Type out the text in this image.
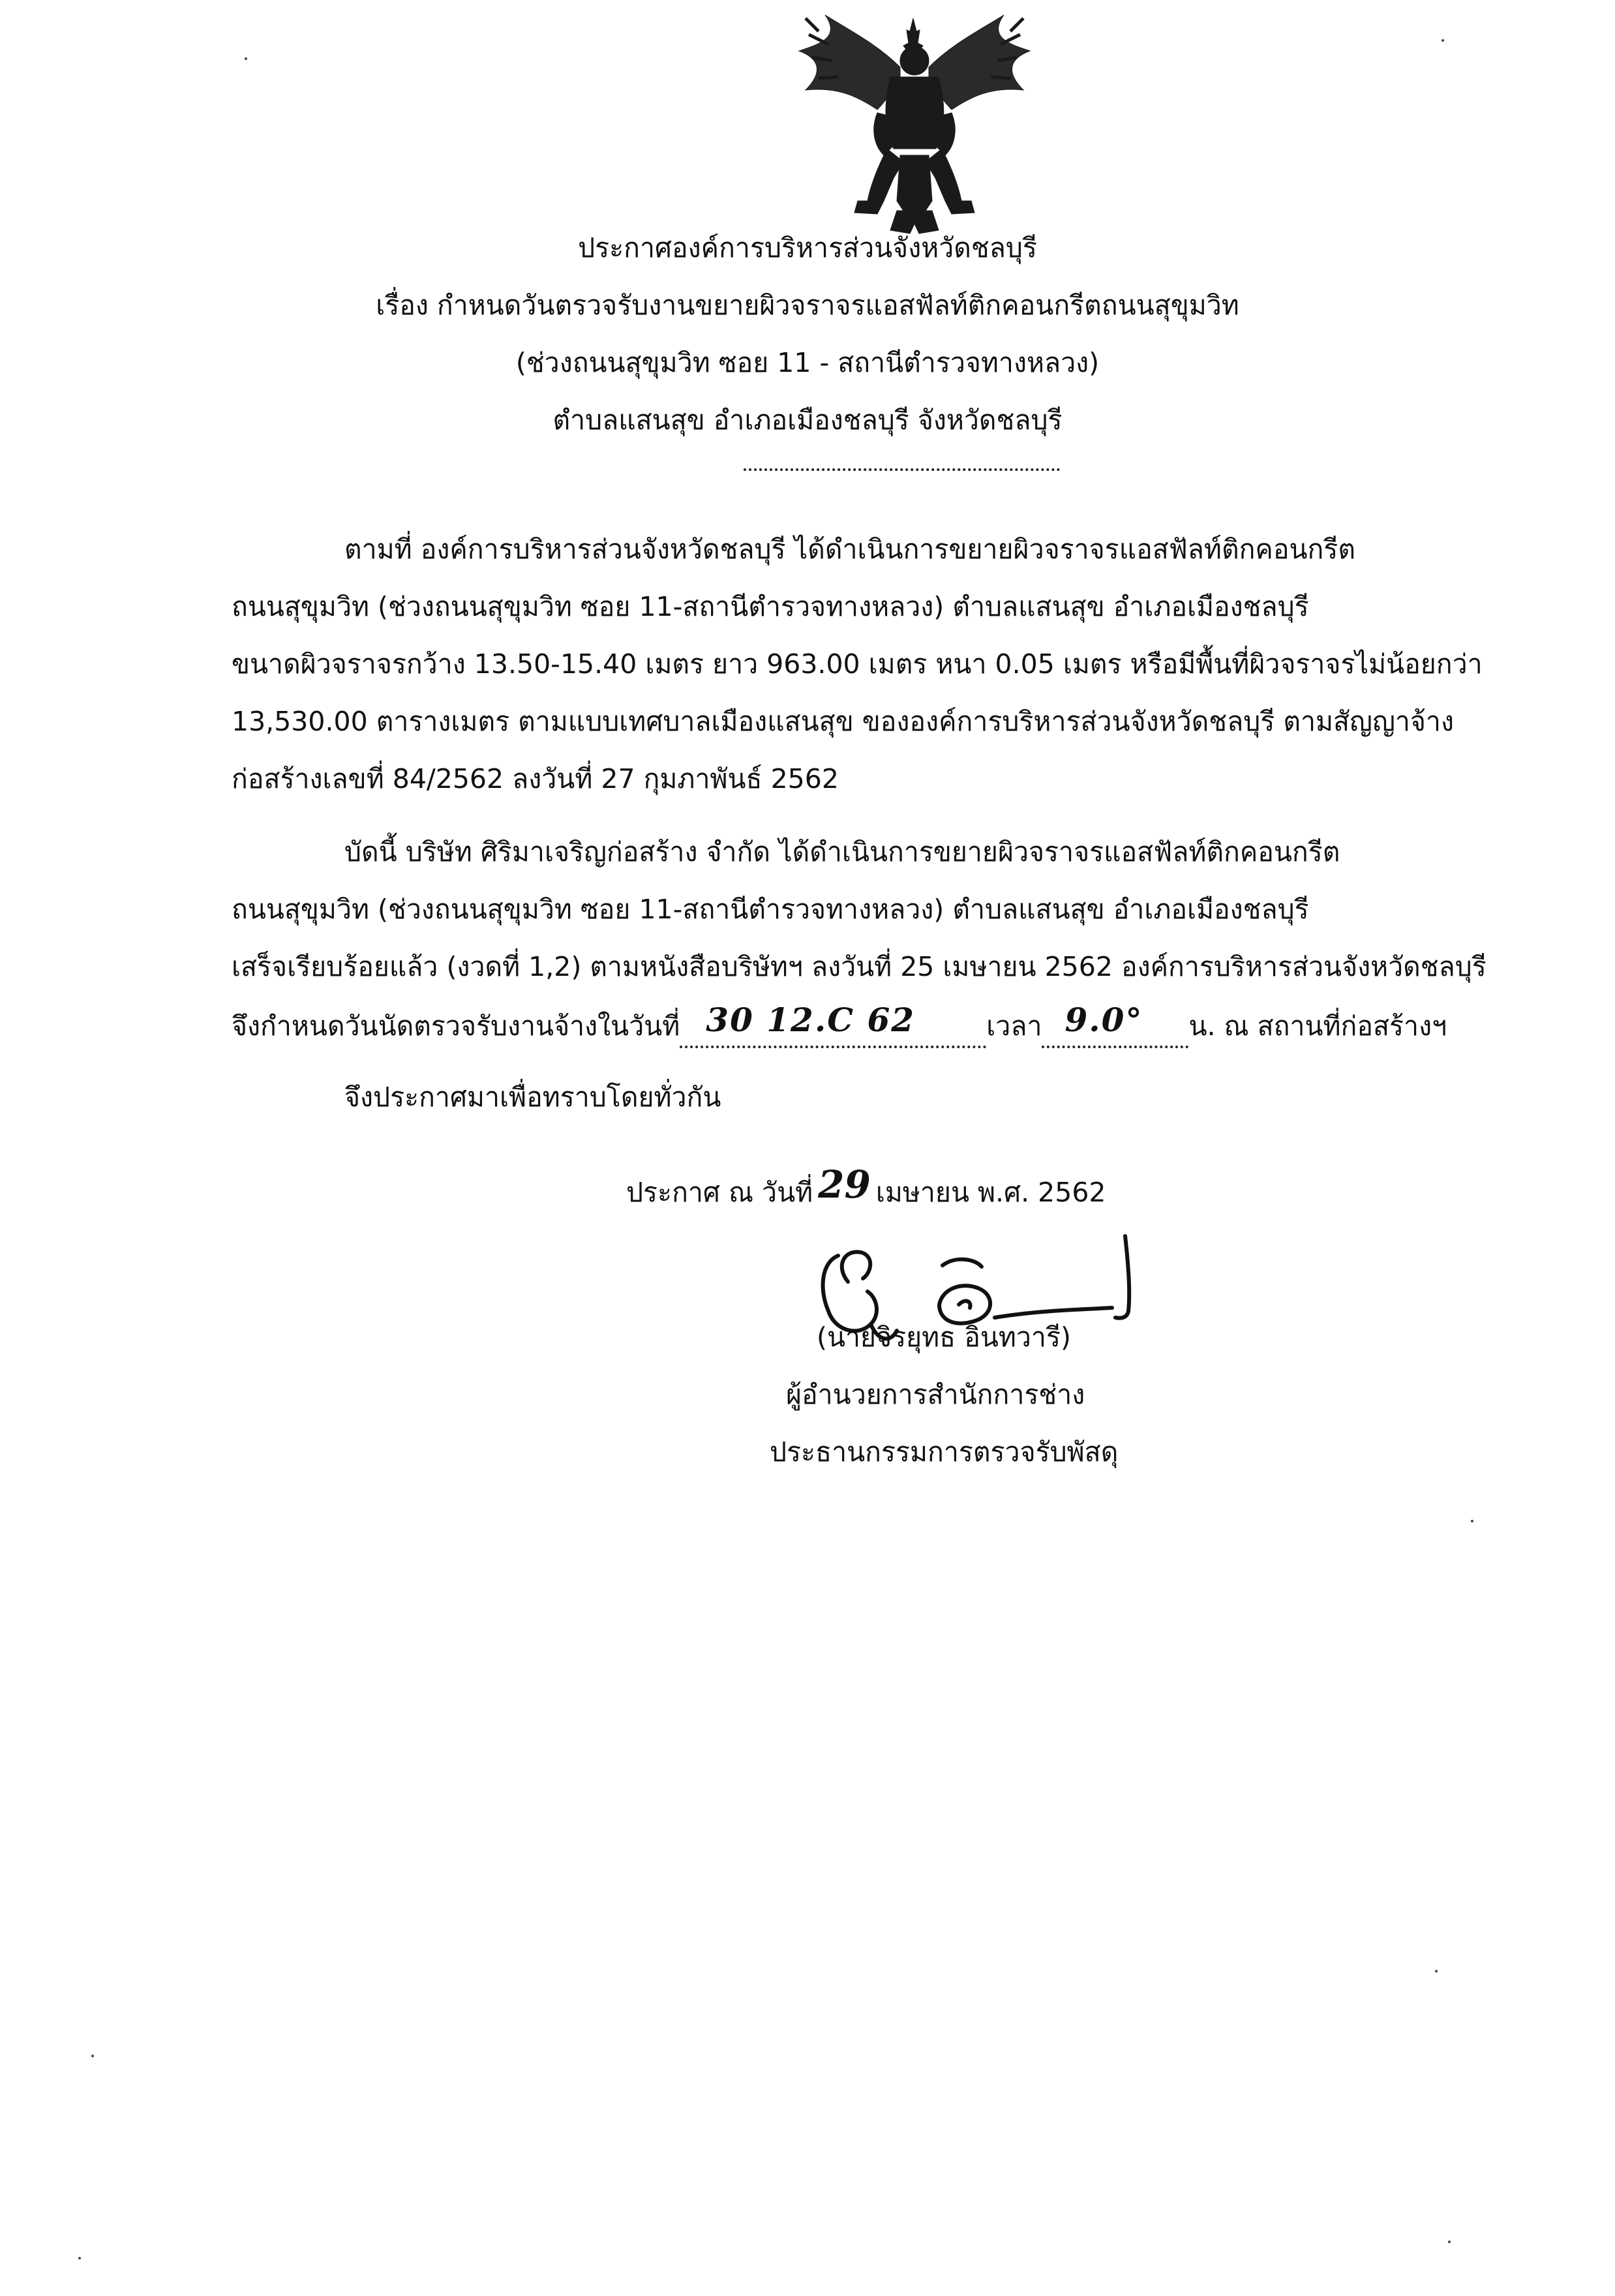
ประกาศองค์การบริหารส่วนจังหวัดชลบุรี
เรื่อง กำหนดวันตรวจรับงานขยายผิวจราจรแอสฟัลท์ติกคอนกรีตถนนสุขุมวิท
(ช่วงถนนสุขุมวิท ซอย 11 - สถานีตำรวจทางหลวง)
ตำบลแสนสุข อำเภอเมืองชลบุรี จังหวัดชลบุรี
ตามที่ องค์การบริหารส่วนจังหวัดชลบุรี ได้ดำเนินการขยายผิวจราจรแอสฟัลท์ติกคอนกรีต
ถนนสุขุมวิท (ช่วงถนนสุขุมวิท ซอย 11-สถานีตำรวจทางหลวง) ตำบลแสนสุข อำเภอเมืองชลบุรี
ขนาดผิวจราจรกว้าง 13.50-15.40 เมตร ยาว 963.00 เมตร หนา 0.05 เมตร หรือมีพื้นที่ผิวจราจรไม่น้อยกว่า
13,530.00 ตารางเมตร ตามแบบเทศบาลเมืองแสนสุข ขององค์การบริหารส่วนจังหวัดชลบุรี ตามสัญญาจ้าง
ก่อสร้างเลขที่ 84/2562 ลงวันที่ 27 กุมภาพันธ์ 2562
บัดนี้ บริษัท ศิริมาเจริญก่อสร้าง จำกัด ได้ดำเนินการขยายผิวจราจรแอสฟัลท์ติกคอนกรีต
ถนนสุขุมวิท (ช่วงถนนสุขุมวิท ซอย 11-สถานีตำรวจทางหลวง) ตำบลแสนสุข อำเภอเมืองชลบุรี
เสร็จเรียบร้อยแล้ว (งวดที่ 1,2) ตามหนังสือบริษัทฯ ลงวันที่ 25 เมษายน 2562 องค์การบริหารส่วนจังหวัดชลบุรี
จึงกำหนดวันนัดตรวจรับงานจ้างในวันที่ 30 12.C 62	เวลา 9.0° น. ณ สถานที่ก่อสร้างฯ
จึงประกาศมาเพื่อทราบโดยทั่วกัน
ประกาศ ณ วันที่ 29 เมษายน พ.ศ. 2562
(นายจิรยุทธ อินทวารี)
ผู้อำนวยการสำนักการช่าง
ประธานกรรมการตรวจรับพัสดุ
